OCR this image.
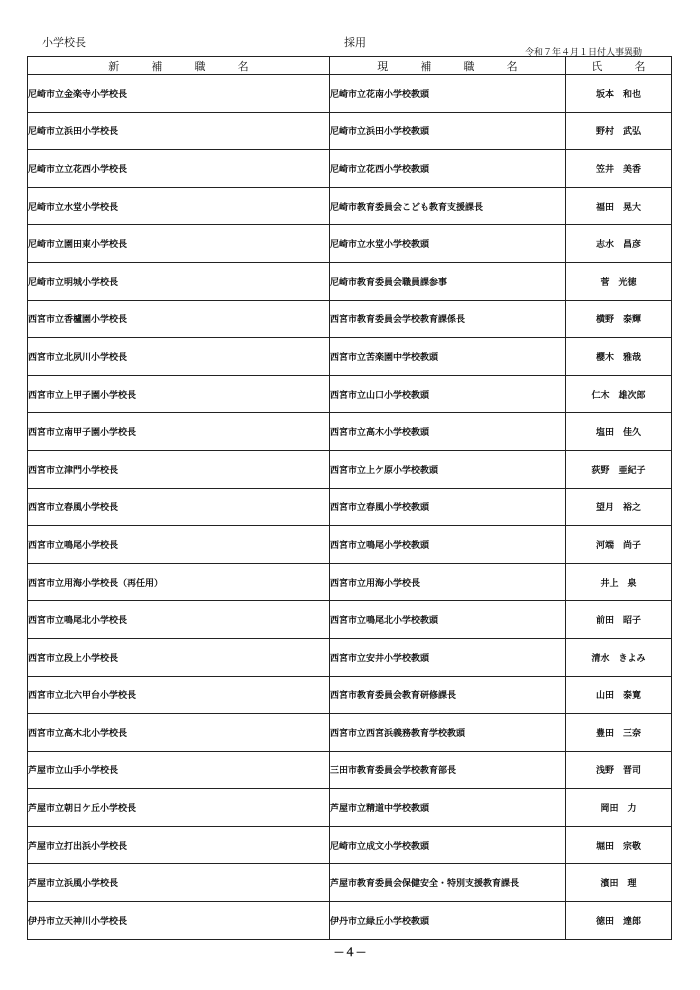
小学校長	採用
令和７年４月１日付人事異動
新 補 職 名	現 補 職 名	氏 名
尼崎市立金楽寺小学校長	尼崎市立花南小学校教頭	坂本 和也
尼崎市立浜田小学校長	尼崎市立浜田小学校教頭	野村 武弘
尼崎市立立花西小学校長	尼崎市立花西小学校教頭	笠井 美香
尼崎市立水堂小学校長	尼崎市教育委員会こども教育支援課長	福田 晃大
尼崎市立園田東小学校長	尼崎市立水堂小学校教頭	志水 昌彦
尼崎市立明城小学校長	尼崎市教育委員会職員課参事	菅 光徳
西宮市立香櫨園小学校長	西宮市教育委員会学校教育課係長	横野 泰輝
西宮市立北夙川小学校長	西宮市立苦楽園中学校教頭	櫻木 雅哉
西宮市立上甲子園小学校長	西宮市立山口小学校教頭	仁木 雄次郎
西宮市立南甲子園小学校長	西宮市立高木小学校教頭	塩田 佳久
西宮市立津門小学校長	西宮市立上ケ原小学校教頭	荻野 亜紀子
西宮市立春風小学校長	西宮市立春風小学校教頭	望月 裕之
西宮市立鳴尾小学校長	西宮市立鳴尾小学校教頭	河端 尚子
西宮市立用海小学校長（再任用）	西宮市立用海小学校長	井上 泉
西宮市立鳴尾北小学校長	西宮市立鳴尾北小学校教頭	前田 昭子
西宮市立段上小学校長	西宮市立安井小学校教頭	清水 きよみ
西宮市立北六甲台小学校長	西宮市教育委員会教育研修課長	山田 泰寛
西宮市立高木北小学校長	西宮市立西宮浜義務教育学校教頭	豊田 三奈
芦屋市立山手小学校長	三田市教育委員会学校教育部長	浅野 晋司
芦屋市立朝日ケ丘小学校長	芦屋市立精道中学校教頭	岡田 力
芦屋市立打出浜小学校長	尼崎市立成文小学校教頭	堀田 宗敬
芦屋市立浜風小学校長	芦屋市教育委員会保健安全・特別支援教育課長	濱田 理
伊丹市立天神川小学校長	伊丹市立緑丘小学校教頭	徳田 達郎
－４－
